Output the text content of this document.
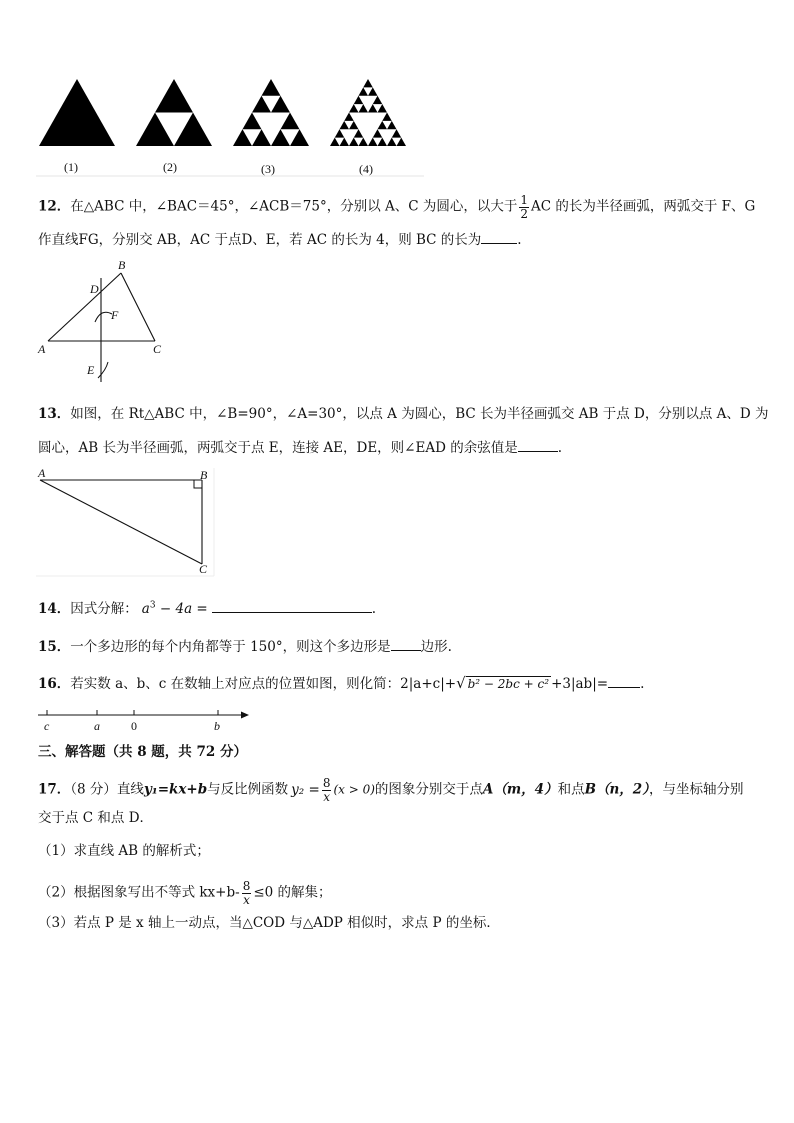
(1)	(2)	(3)	(4)
12．在△ABC 中，∠BAC＝45°，∠ACB＝75°，分别以 A、C 为圆心，以大于 $\frac{1}{2}$ AC 的长为半径画弧，两弧交于 F、G
作直线FG，分别交 AB，AC 于点D、E，若 AC 的长为 4，则 BC 的长为	.
B
D
F
A	C
E
13．如图，在 Rt△ABC 中，∠B=90°，∠A=30°，以点 A 为圆心，BC 长为半径画弧交 AB 于点 D，分别以点 A、D 为
圆心，AB 长为半径画弧，两弧交于点 E，连接 AE，DE，则∠EAD 的余弦值是	.
A	B
C
14．因式分解： $a^3 - 4a$ =	.
15．一个多边形的每个内角都等于 150°，则这个多边形是 边形.
16．若实数 a、b、c 在数轴上对应点的位置如图，则化简：2|a+c|+√ b² − 2bc + c² +3|ab|= .
c	a	0	b
三、解答题（共 8 题，共 72 分）
17．（8 分）直线y₁=kx+b与反比例函数 $y_2 = \frac{8}{x} (x > 0)$的图象分别交于点A（m，4）和点B（n，2），与坐标轴分别
交于点 C 和点 D．
（1）求直线 AB 的解析式；
（2）根据图象写出不等式 $kx+b- \frac{8}{x} \le 0$ 的解集；
（3）若点 P 是 x 轴上一动点，当△COD 与△ADP 相似时，求点 P 的坐标．
